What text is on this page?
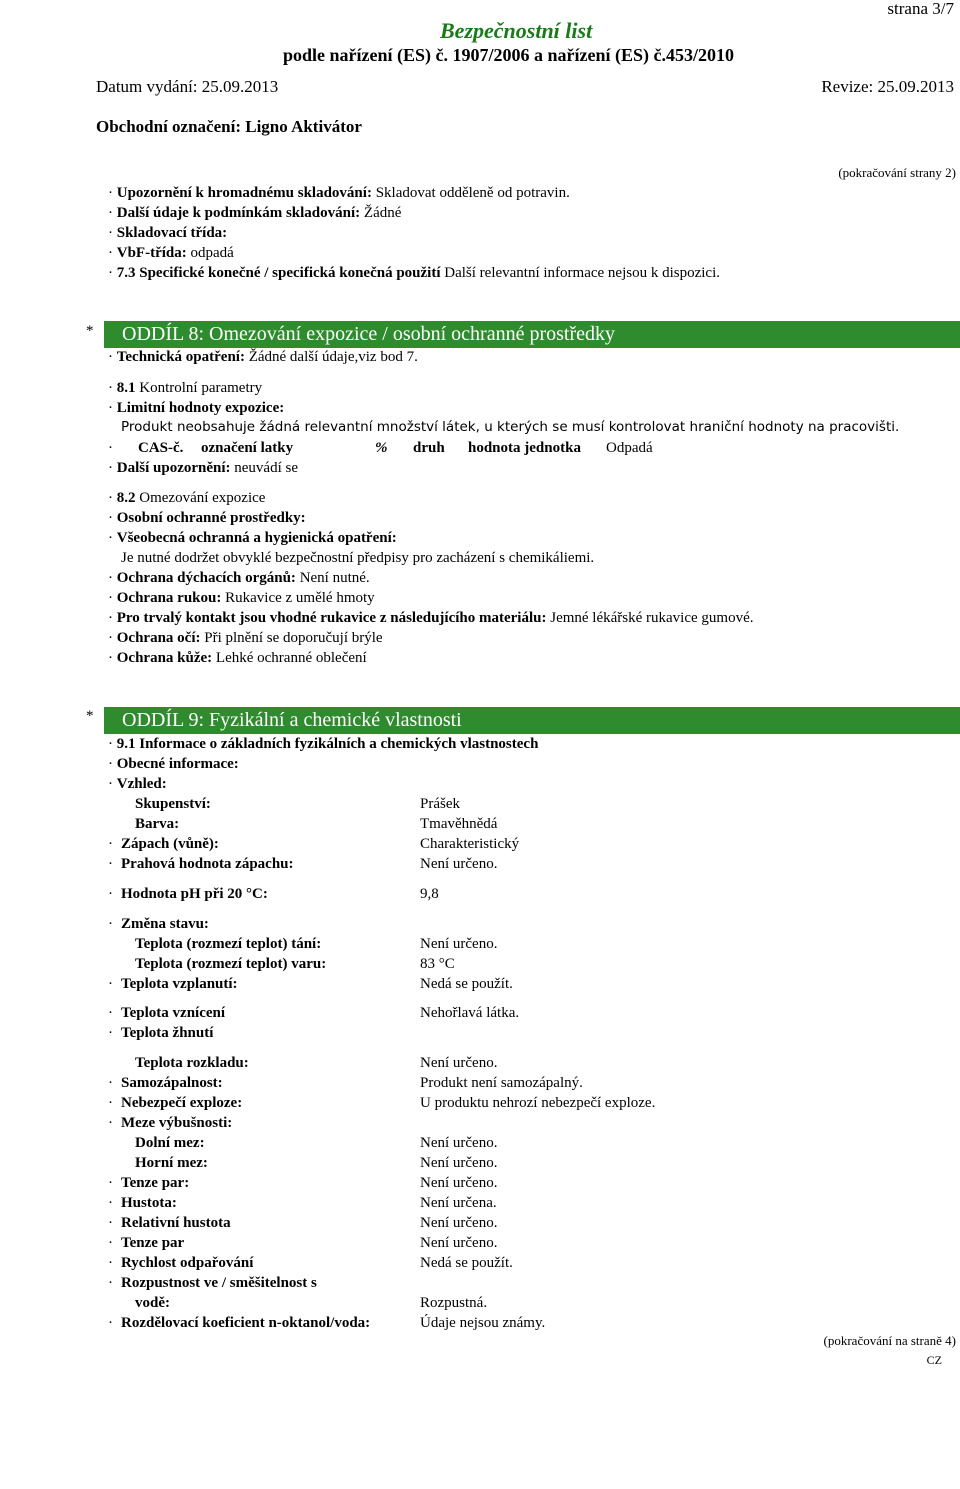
strana 3/7
Bezpečnostní list
podle nařízení (ES) č. 1907/2006 a nařízení (ES) č.453/2010
Datum vydání: 25.09.2013	Revize: 25.09.2013
Obchodní označení: Ligno Aktivátor
(pokračování strany 2)
· Upozornění k hromadnému skladování: Skladovat odděleně od potravin.
· Další údaje k podmínkám skladování: Žádné
· Skladovací třída:
· VbF-třída: odpadá
· 7.3 Specifické konečné / specifická konečná použití Další relevantní informace nejsou k dispozici.
* ODDÍL 8: Omezování expozice / osobní ochranné prostředky
· Technická opatření: Žádné další údaje,viz bod 7.
· 8.1 Kontrolní parametry
· Limitní hodnoty expozice:
Produkt neobsahuje žádná relevantní množství látek, u kterých se musí kontrolovat hraniční hodnoty na pracovišti.
· CAS-č. označení latky	% druh hodnota jednotka Odpadá
· Další upozornění: neuvádí se
· 8.2 Omezování expozice
· Osobní ochranné prostředky:
· Všeobecná ochranná a hygienická opatření:
Je nutné dodržet obvyklé bezpečnostní předpisy pro zacházení s chemikáliemi.
· Ochrana dýchacích orgánů: Není nutné.
· Ochrana rukou: Rukavice z umělé hmoty
· Pro trvalý kontakt jsou vhodné rukavice z následujícího materiálu: Jemné lékářské rukavice gumové.
· Ochrana očí: Při plnění se doporučují brýle
· Ochrana kůže: Lehké ochranné oblečení
* ODDÍL 9: Fyzikální a chemické vlastnosti
· 9.1 Informace o základních fyzikálních a chemických vlastnostech
· Obecné informace:
· Vzhled:
Skupenství:	Prášek
Barva:	Tmavěhnědá
· Zápach (vůně):	Charakteristický
· Prahová hodnota zápachu:	Není určeno.
· Hodnota pH při 20 °C:	9,8
· Změna stavu:
Teplota (rozmezí teplot) tání:	Není určeno.
Teplota (rozmezí teplot) varu:	83 °C
· Teplota vzplanutí:	Nedá se použít.
· Teplota vznícení	Nehořlavá látka.
· Teplota žhnutí
Teplota rozkladu:	Není určeno.
· Samozápalnost:	Produkt není samozápalný.
· Nebezpečí exploze:	U produktu nehrozí nebezpečí exploze.
· Meze výbušnosti:
Dolní mez:	Není určeno.
Horní mez:	Není určeno.
· Tenze par:	Není určeno.
· Hustota:	Není určena.
· Relativní hustota	Není určeno.
· Tenze par	Není určeno.
· Rychlost odpařování	Nedá se použít.
· Rozpustnost ve / směšitelnost s
vodě:	Rozpustná.
· Rozdělovací koeficient n-oktanol/voda:	Údaje nejsou známy.
(pokračování na straně 4)
CZ
